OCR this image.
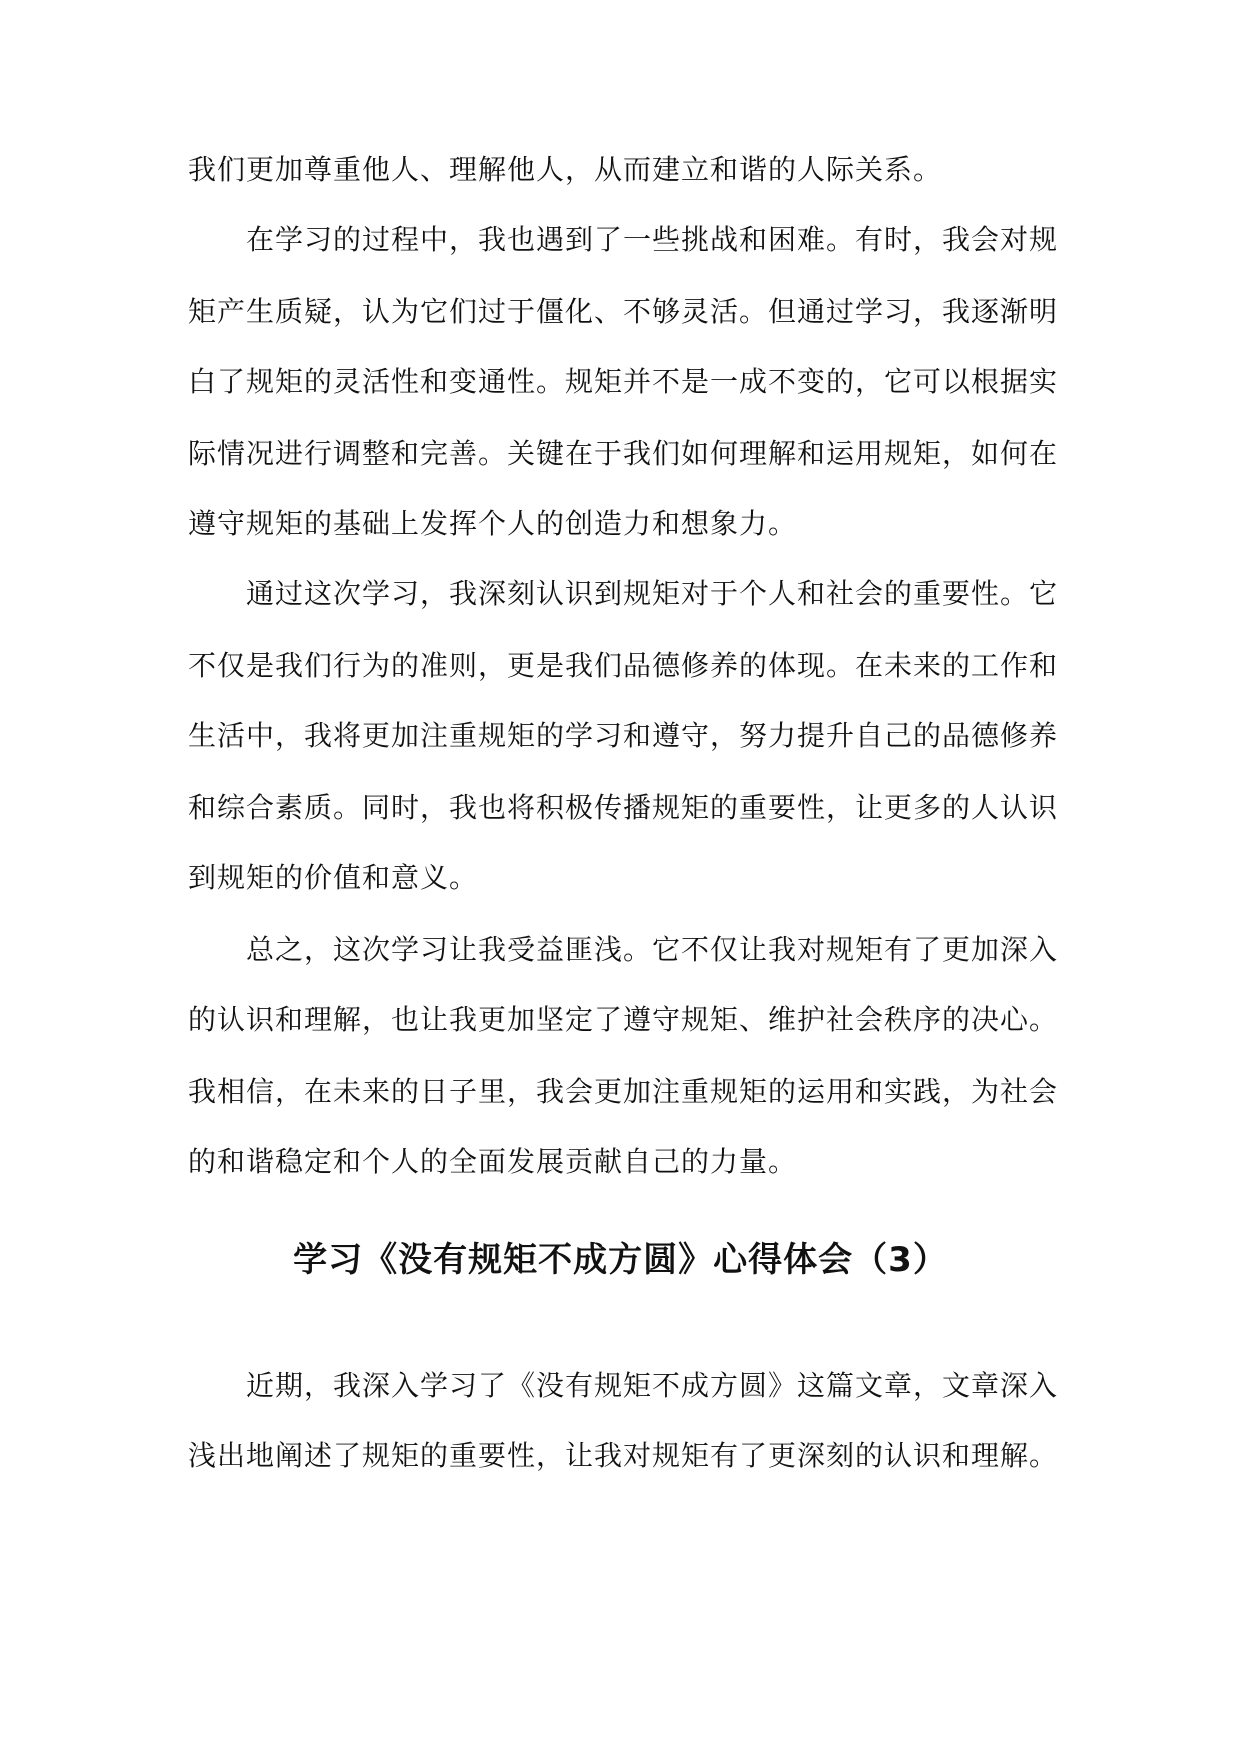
我们更加尊重他人、理解他人，从而建立和谐的人际关系。
在学习的过程中，我也遇到了一些挑战和困难。有时，我会对规
矩产生质疑，认为它们过于僵化、不够灵活。但通过学习，我逐渐明
白了规矩的灵活性和变通性。规矩并不是一成不变的，它可以根据实
际情况进行调整和完善。关键在于我们如何理解和运用规矩，如何在
遵守规矩的基础上发挥个人的创造力和想象力。
通过这次学习，我深刻认识到规矩对于个人和社会的重要性。它
不仅是我们行为的准则，更是我们品德修养的体现。在未来的工作和
生活中，我将更加注重规矩的学习和遵守，努力提升自己的品德修养
和综合素质。同时，我也将积极传播规矩的重要性，让更多的人认识
到规矩的价值和意义。
总之，这次学习让我受益匪浅。它不仅让我对规矩有了更加深入
的认识和理解，也让我更加坚定了遵守规矩、维护社会秩序的决心。
我相信，在未来的日子里，我会更加注重规矩的运用和实践，为社会
的和谐稳定和个人的全面发展贡献自己的力量。
学习《没有规矩不成方圆》心得体会（3）
近期，我深入学习了《没有规矩不成方圆》这篇文章，文章深入
浅出地阐述了规矩的重要性，让我对规矩有了更深刻的认识和理解。
